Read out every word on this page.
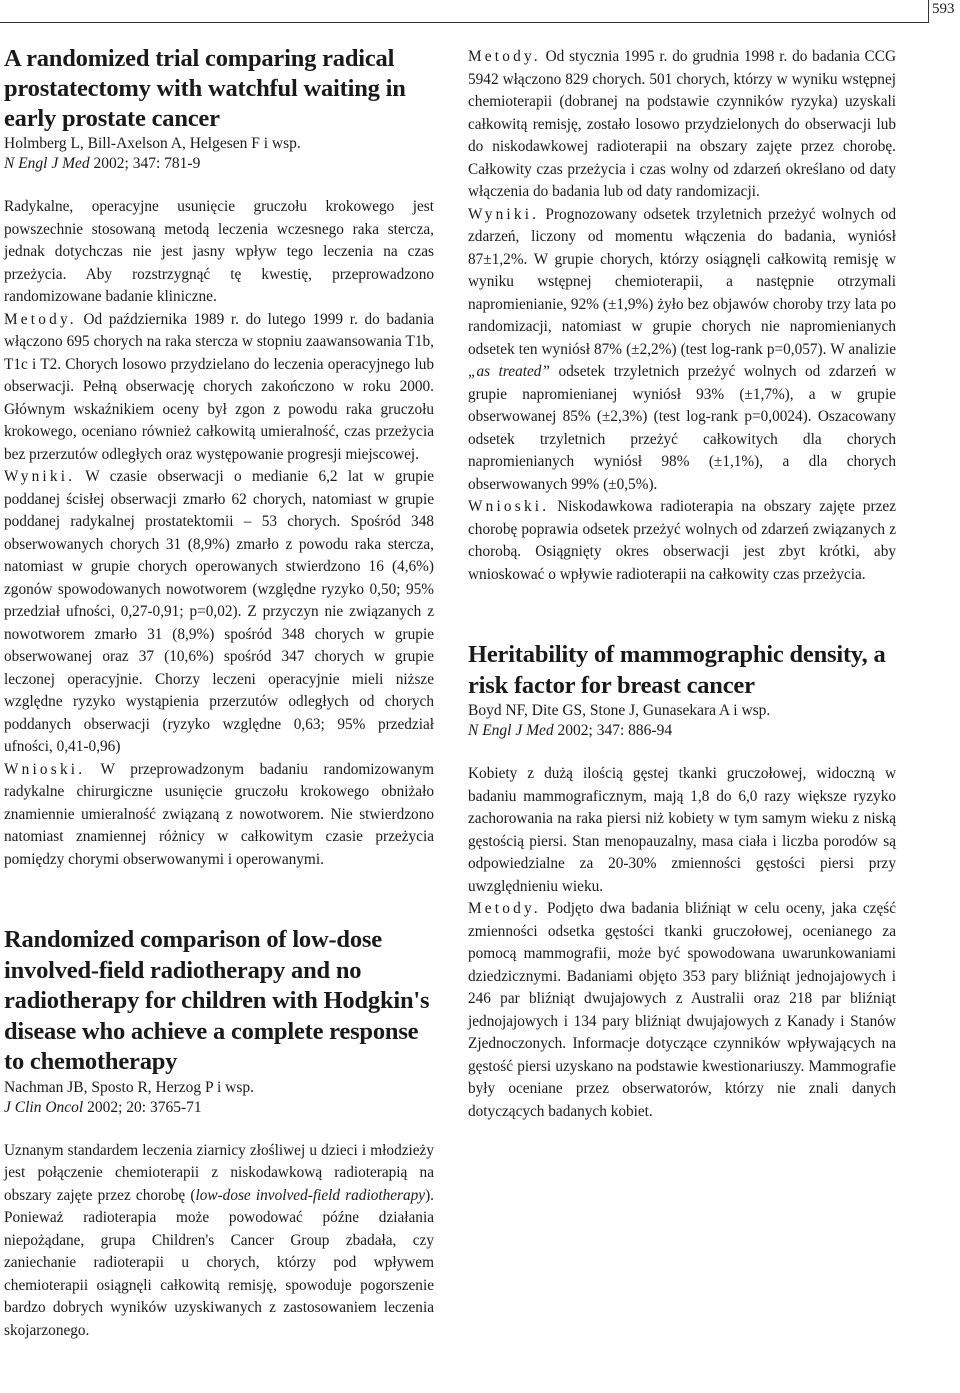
593
A randomized trial comparing radical prostatectomy with watchful waiting in early prostate cancer

Holmberg L, Bill-Axelson A, Helgesen F i wsp.

N Engl J Med 2002; 347: 781-9

Radykalne, operacyjne usunięcie gruczołu krokowego jest powszechnie stosowaną metodą leczenia wczesnego raka stercza, jednak dotychczas nie jest jasny wpływ tego leczenia na czas przeżycia. Aby rozstrzygnąć tę kwestię, przeprowadzono randomizowane badanie kliniczne.
Metody. Od października 1989 r. do lutego 1999 r. do badania włączono 695 chorych na raka stercza w stopniu zaawansowania T1b, T1c i T2. Chorych losowo przydzielano do leczenia operacyjnego lub obserwacji. Pełną obserwację chorych zakończono w roku 2000. Głównym wskaźnikiem oceny był zgon z powodu raka gruczołu krokowego, oceniano również całkowitą umieralność, czas przeżycia bez przerzutów odległych oraz występowanie progresji miejscowej.
Wyniki. W czasie obserwacji o medianie 6,2 lat w grupie poddanej ścisłej obserwacji zmarło 62 chorych, natomiast w grupie poddanej radykalnej prostatektomii – 53 chorych. Spośród 348 obserwowanych chorych 31 (8,9%) zmarło z powodu raka stercza, natomiast w grupie chorych operowanych stwierdzono 16 (4,6%) zgonów spowodowanych nowotworem (względne ryzyko 0,50; 95% przedział ufności, 0,27-0,91; p=0,02). Z przyczyn nie związanych z nowotworem zmarło 31 (8,9%) spośród 348 chorych w grupie obserwowanej oraz 37 (10,6%) spośród 347 chorych w grupie leczonej operacyjnie. Chorzy leczeni operacyjnie mieli niższe względne ryzyko wystąpienia przerzutów odległych od chorych poddanych obserwacji (ryzyko względne 0,63; 95% przedział ufności, 0,41-0,96)
Wnioski. W przeprowadzonym badaniu randomizowanym radykalne chirurgiczne usunięcie gruczołu krokowego obniżało znamiennie umieralność związaną z nowotworem. Nie stwierdzono natomiast znamiennej różnicy w całkowitym czasie przeżycia pomiędzy chorymi obserwowanymi i operowanymi.

Randomized comparison of low-dose involved-field radiotherapy and no radiotherapy for children with Hodgkin's disease who achieve a complete response to chemotherapy

Nachman JB, Sposto R, Herzog P i wsp.

J Clin Oncol 2002; 20: 3765-71

Uznanym standardem leczenia ziarnicy złośliwej u dzieci i młodzieży jest połączenie chemioterapii z niskodawkową radioterapią na obszary zajęte przez chorobę (low-dose involved-field radiotherapy). Ponieważ radioterapia może powodować późne działania niepożądane, grupa Children's Cancer Group zbadała, czy zaniechanie radioterapii u chorych, którzy pod wpływem chemioterapii osiągnęli całkowitą remisję, spowoduje pogorszenie bardzo dobrych wyników uzyskiwanych z zastosowaniem leczenia skojarzonego.

Metody. Od stycznia 1995 r. do grudnia 1998 r. do badania CCG 5942 włączono 829 chorych. 501 chorych, którzy w wyniku wstępnej chemioterapii (dobranej na podstawie czynników ryzyka) uzyskali całkowitą remisję, zostało losowo przydzielonych do obserwacji lub do niskodawkowej radioterapii na obszary zajęte przez chorobę. Całkowity czas przeżycia i czas wolny od zdarzeń określano od daty włączenia do badania lub od daty randomizacji.
Wyniki. Prognozowany odsetek trzyletnich przeżyć wolnych od zdarzeń, liczony od momentu włączenia do badania, wyniósł 87±1,2%. W grupie chorych, którzy osiągnęli całkowitą remisję w wyniku wstępnej chemioterapii, a następnie otrzymali napromienianie, 92% (±1,9%) żyło bez objawów choroby trzy lata po randomizacji, natomiast w grupie chorych nie napromienianych odsetek ten wyniósł 87% (±2,2%) (test log-rank p=0,057). W analizie „as treated” odsetek trzyletnich przeżyć wolnych od zdarzeń w grupie napromienianej wyniósł 93% (±1,7%), a w grupie obserwowanej 85% (±2,3%) (test log-rank p=0,0024). Oszacowany odsetek trzyletnich przeżyć całkowitych dla chorych napromienianych wyniósł 98% (±1,1%), a dla chorych obserwowanych 99% (±0,5%).
Wnioski. Niskodawkowa radioterapia na obszary zajęte przez chorobę poprawia odsetek przeżyć wolnych od zdarzeń związanych z chorobą. Osiągnięty okres obserwacji jest zbyt krótki, aby wnioskować o wpływie radioterapii na całkowity czas przeżycia.

Heritability of mammographic density, a risk factor for breast cancer

Boyd NF, Dite GS, Stone J, Gunasekara A i wsp.

N Engl J Med 2002; 347: 886-94

Kobiety z dużą ilością gęstej tkanki gruczołowej, widoczną w badaniu mammograficznym, mają 1,8 do 6,0 razy większe ryzyko zachorowania na raka piersi niż kobiety w tym samym wieku z niską gęstością piersi. Stan menopauzalny, masa ciała i liczba porodów są odpowiedzialne za 20-30% zmienności gęstości piersi przy uwzględnieniu wieku.
Metody. Podjęto dwa badania bliźniąt w celu oceny, jaka część zmienności odsetka gęstości tkanki gruczołowej, ocenianego za pomocą mammografii, może być spowodowana uwarunkowaniami dziedzicznymi. Badaniami objęto 353 pary bliźniąt jednojajowych i 246 par bliźniąt dwujajowych z Australii oraz 218 par bliźniąt jednojajowych i 134 pary bliźniąt dwujajowych z Kanady i Stanów Zjednoczonych. Informacje dotyczące czynników wpływających na gęstość piersi uzyskano na podstawie kwestionariuszy. Mammografie były oceniane przez obserwatorów, którzy nie znali danych dotyczących badanych kobiet.
